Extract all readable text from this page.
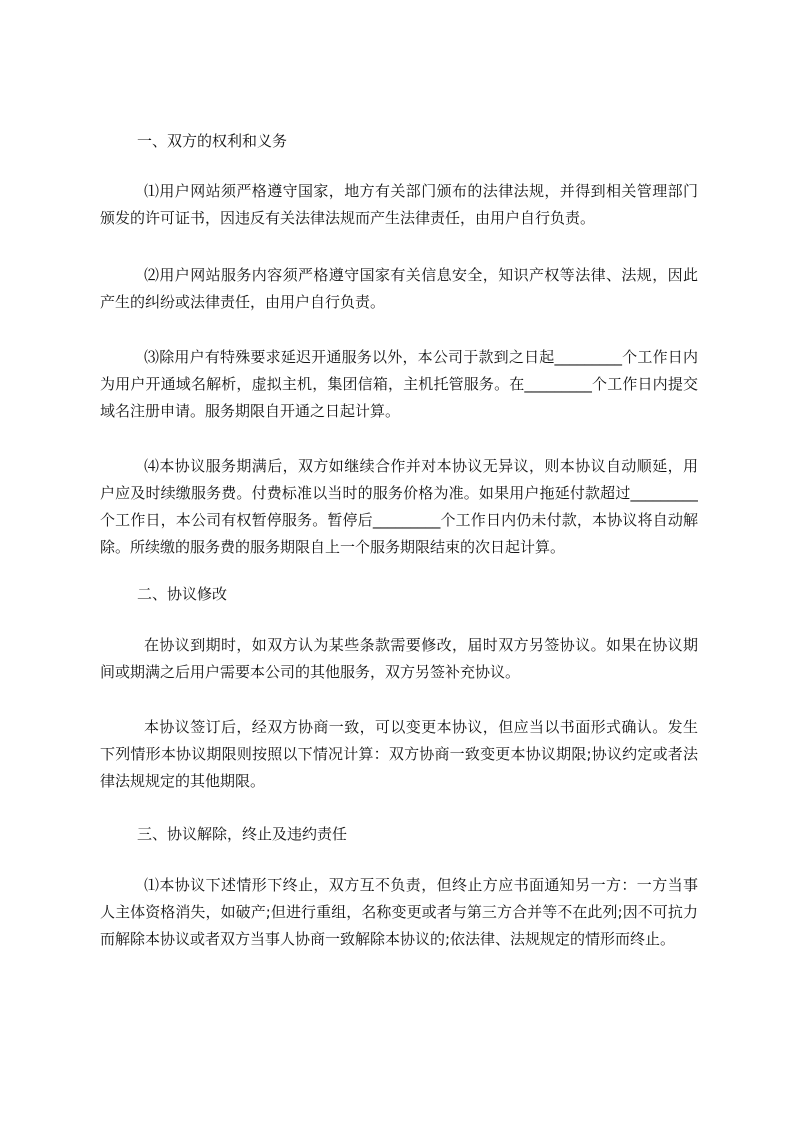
一、双方的权利和义务
⑴用户网站须严格遵守国家，地方有关部门颁布的法律法规，并得到相关管理部门颁发的许可证书，因违反有关法律法规而产生法律责任，由用户自行负责。
⑵用户网站服务内容须严格遵守国家有关信息安全，知识产权等法律、法规，因此产生的纠纷或法律责任，由用户自行负责。
⑶除用户有特殊要求延迟开通服务以外，本公司于款到之日起_________个工作日内为用户开通域名解析，虚拟主机，集团信箱，主机托管服务。在_________个工作日内提交域名注册申请。服务期限自开通之日起计算。
⑷本协议服务期满后，双方如继续合作并对本协议无异议，则本协议自动顺延，用户应及时续缴服务费。付费标准以当时的服务价格为准。如果用户拖延付款超过_________个工作日，本公司有权暂停服务。暂停后_________个工作日内仍未付款，本协议将自动解除。所续缴的服务费的服务期限自上一个服务期限结束的次日起计算。
二、协议修改
在协议到期时，如双方认为某些条款需要修改，届时双方另签协议。如果在协议期间或期满之后用户需要本公司的其他服务，双方另签补充协议。
本协议签订后，经双方协商一致，可以变更本协议，但应当以书面形式确认。发生下列情形本协议期限则按照以下情况计算：双方协商一致变更本协议期限;协议约定或者法律法规规定的其他期限。
三、协议解除，终止及违约责任
⑴本协议下述情形下终止，双方互不负责，但终止方应书面通知另一方：一方当事人主体资格消失，如破产;但进行重组，名称变更或者与第三方合并等不在此列;因不可抗力而解除本协议或者双方当事人协商一致解除本协议的;依法律、法规规定的情形而终止。
